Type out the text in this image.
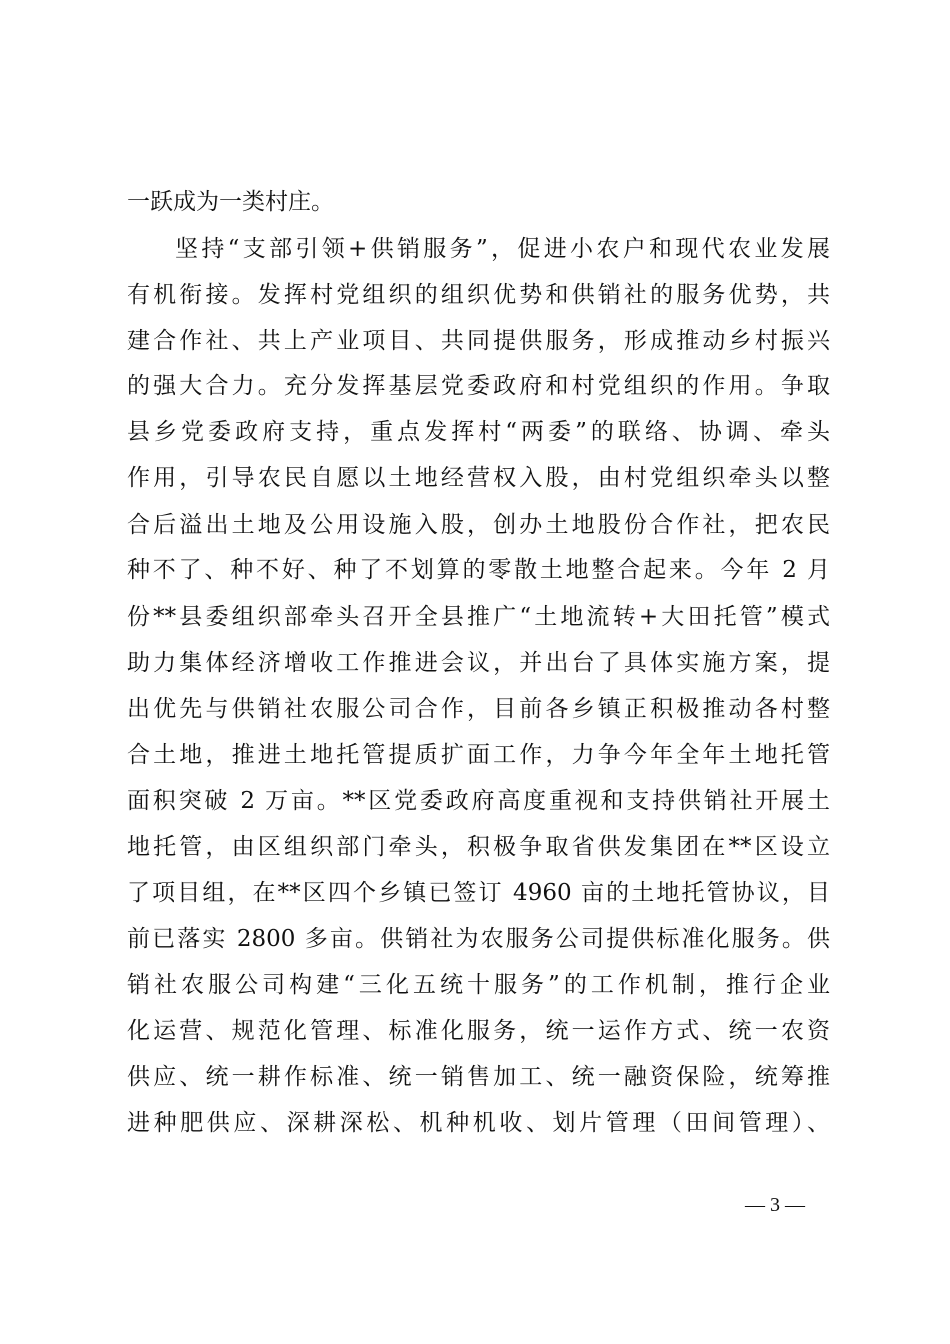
一跃成为一类村庄。
坚持“支部引领+供销服务”，促进小农户和现代农业发展
有机衔接。发挥村党组织的组织优势和供销社的服务优势，共
建合作社、共上产业项目、共同提供服务，形成推动乡村振兴
的强大合力。充分发挥基层党委政府和村党组织的作用。争取
县乡党委政府支持，重点发挥村“两委”的联络、协调、牵头
作用，引导农民自愿以土地经营权入股，由村党组织牵头以整
合后溢出土地及公用设施入股，创办土地股份合作社，把农民
种不了、种不好、种了不划算的零散土地整合起来。今年 2 月
份**县委组织部牵头召开全县推广“土地流转+大田托管”模式
助力集体经济增收工作推进会议，并出台了具体实施方案，提
出优先与供销社农服公司合作，目前各乡镇正积极推动各村整
合土地，推进土地托管提质扩面工作，力争今年全年土地托管
面积突破 2 万亩。**区党委政府高度重视和支持供销社开展土
地托管，由区组织部门牵头，积极争取省供发集团在**区设立
了项目组，在**区四个乡镇已签订 4960 亩的土地托管协议，目
前已落实 2800 多亩。供销社为农服务公司提供标准化服务。供
销社农服公司构建“三化五统十服务”的工作机制，推行企业
化运营、规范化管理、标准化服务，统一运作方式、统一农资
供应、统一耕作标准、统一销售加工、统一融资保险，统筹推
进种肥供应、深耕深松、机种机收、划片管理（田间管理）、
— 3 —
